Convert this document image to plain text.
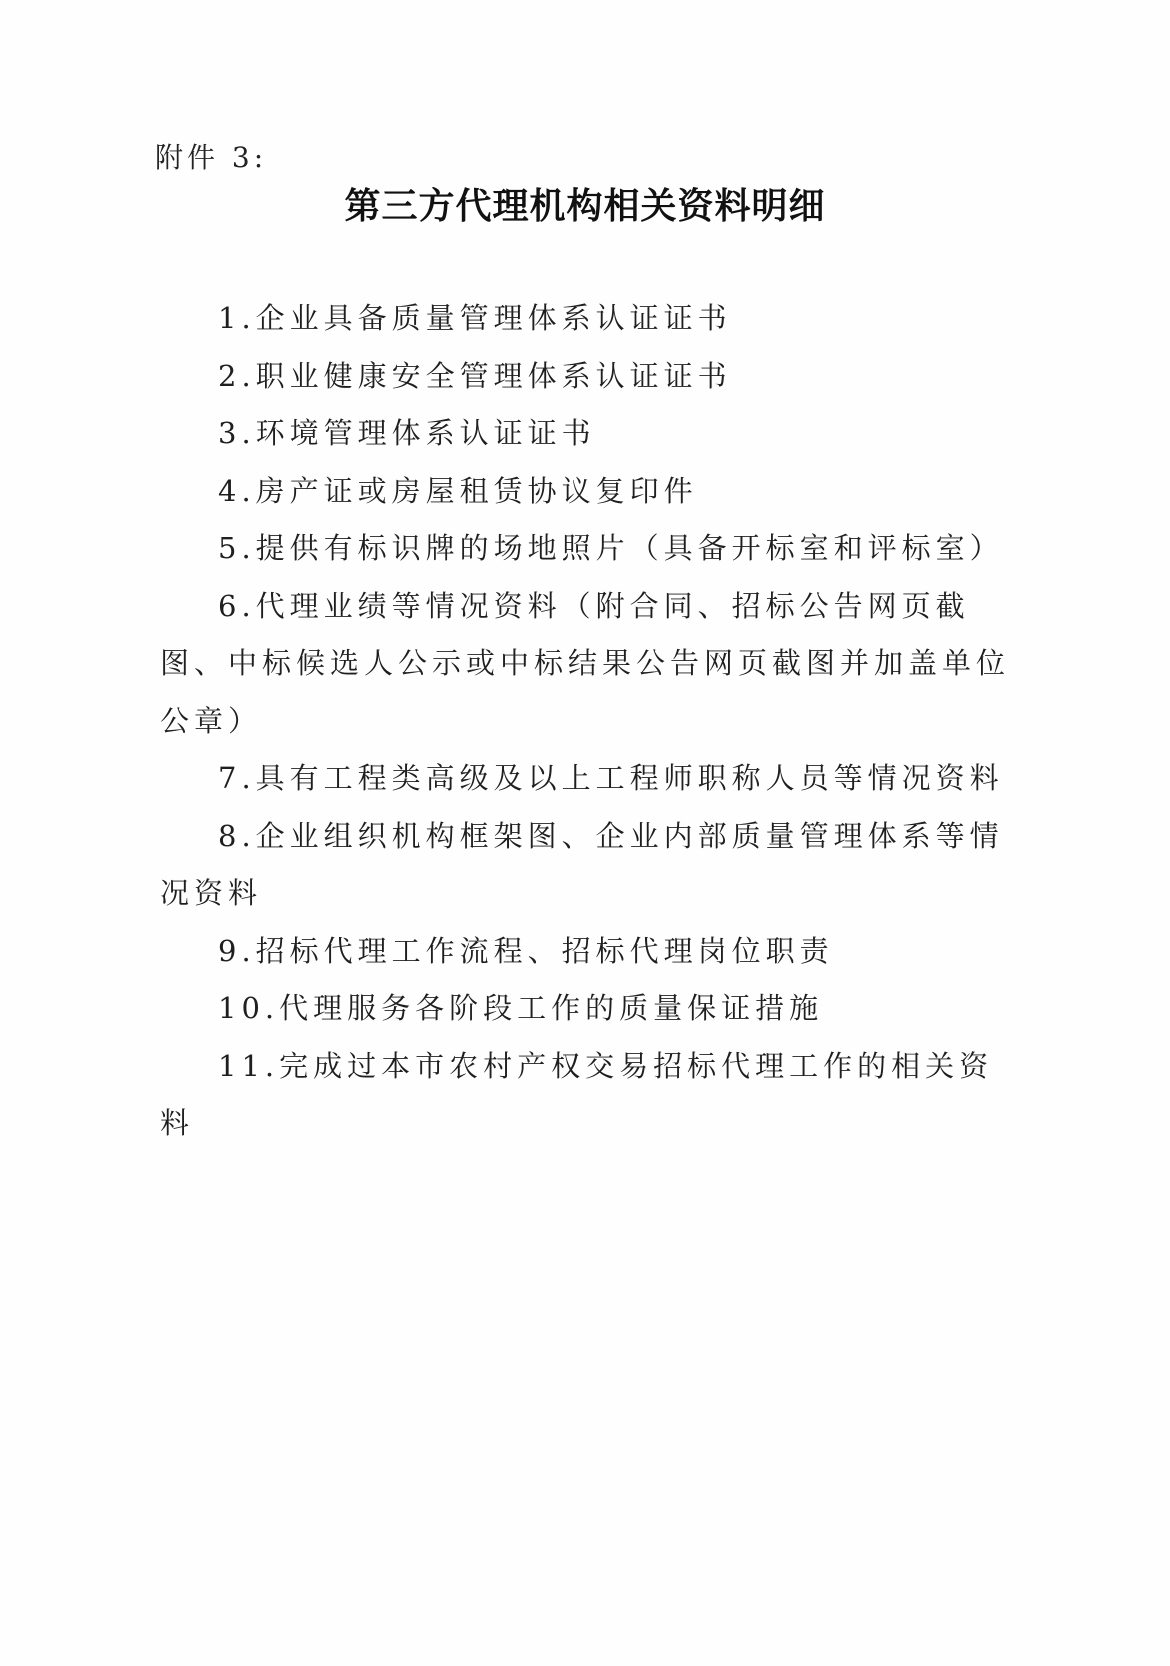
附件 3:
第三方代理机构相关资料明细
1.企业具备质量管理体系认证证书
2.职业健康安全管理体系认证证书
3.环境管理体系认证证书
4.房产证或房屋租赁协议复印件
5.提供有标识牌的场地照片（具备开标室和评标室）
6.代理业绩等情况资料（附合同、招标公告网页截图、中标候选人公示或中标结果公告网页截图并加盖单位公章）
7.具有工程类高级及以上工程师职称人员等情况资料
8.企业组织机构框架图、企业内部质量管理体系等情况资料
9.招标代理工作流程、招标代理岗位职责
10.代理服务各阶段工作的质量保证措施
11.完成过本市农村产权交易招标代理工作的相关资料
